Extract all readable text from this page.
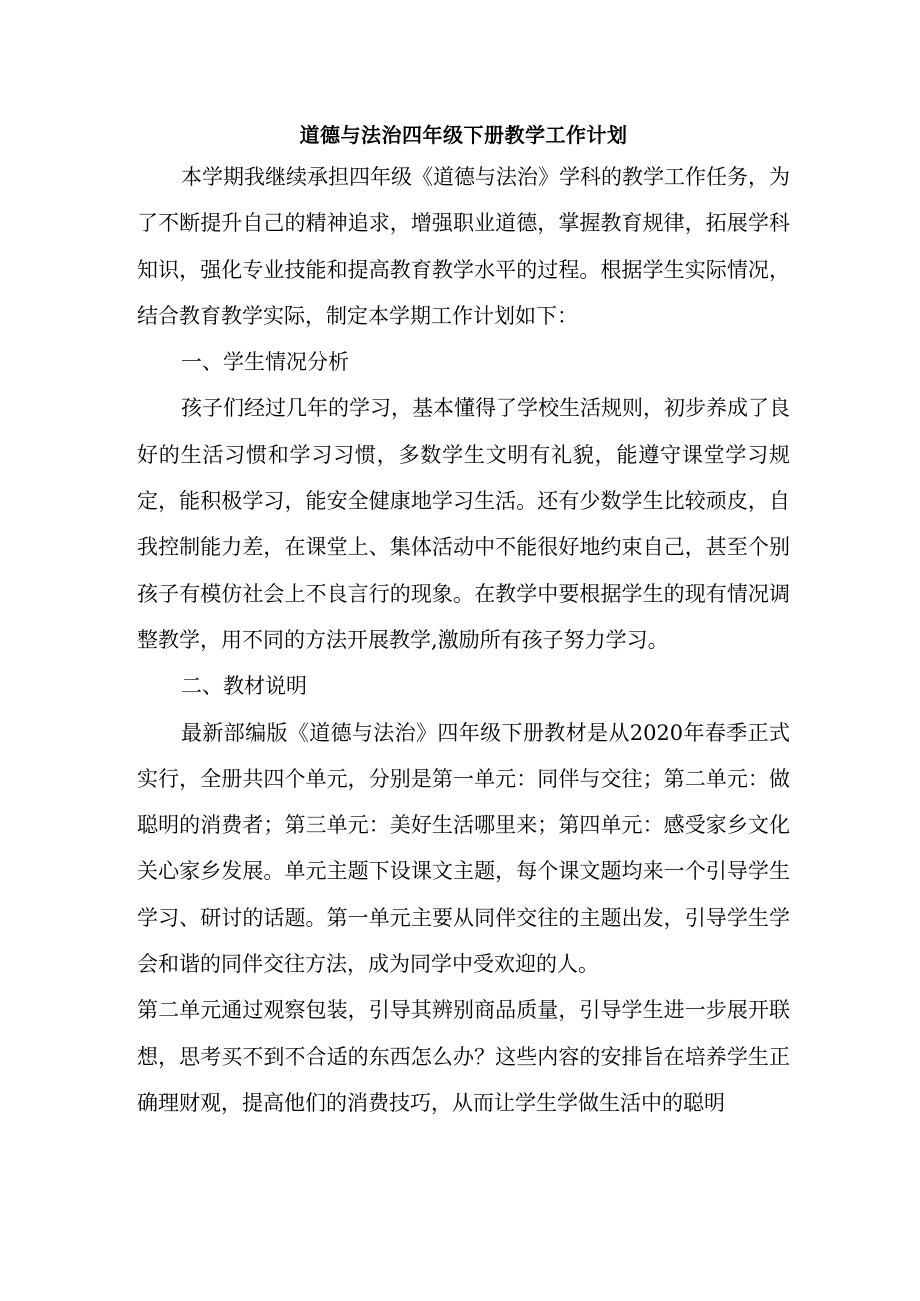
道德与法治四年级下册教学工作计划

本学期我继续承担四年级《道德与法治》学科的教学工作任务，为了不断提升自己的精神追求，增强职业道德，掌握教育规律，拓展学科知识，强化专业技能和提高教育教学水平的过程。根据学生实际情况，结合教育教学实际，制定本学期工作计划如下：

一、学生情况分析

孩子们经过几年的学习，基本懂得了学校生活规则，初步养成了良好的生活习惯和学习习惯，多数学生文明有礼貌，能遵守课堂学习规定，能积极学习，能安全健康地学习生活。还有少数学生比较顽皮，自我控制能力差，在课堂上、集体活动中不能很好地约束自己，甚至个别孩子有模仿社会上不良言行的现象。在教学中要根据学生的现有情况调整教学，用不同的方法开展教学,激励所有孩子努力学习。

二、教材说明

最新部编版《道德与法治》四年级下册教材是从2020年春季正式实行，全册共四个单元，分别是第一单元：同伴与交往；第二单元：做聪明的消费者；第三单元：美好生活哪里来；第四单元：感受家乡文化关心家乡发展。单元主题下设课文主题，每个课文题均来一个引导学生学习、研讨的话题。第一单元主要从同伴交往的主题出发，引导学生学会和谐的同伴交往方法，成为同学中受欢迎的人。

第二单元通过观察包装，引导其辨别商品质量，引导学生进一步展开联想，思考买不到不合适的东西怎么办？这些内容的安排旨在培养学生正确理财观，提高他们的消费技巧，从而让学生学做生活中的聪明
